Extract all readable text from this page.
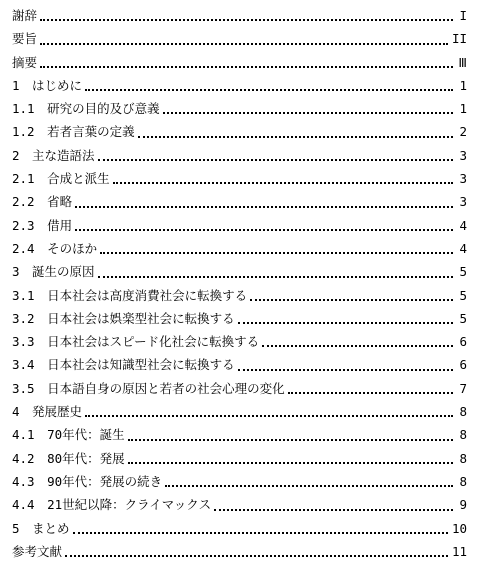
謝辞	I
要旨	II
摘要	Ⅲ
1　はじめに	1
1.1　研究の目的及び意義	1
1.2　若者言葉の定義	2
2　主な造語法	3
2.1　合成と派生	3
2.2　省略	3
2.3　借用	4
2.4　そのほか	4
3　誕生の原因	5
3.1　日本社会は高度消費社会に転換する	5
3.2　日本社会は娯楽型社会に転換する	5
3.3　日本社会はスピード化社会に転換する	6
3.4　日本社会は知識型社会に転換する	6
3.5　日本語自身の原因と若者の社会心理の変化	7
4　発展歴史	8
4.1　70年代：誕生	8
4.2　80年代：発展	8
4.3　90年代：発展の続き	8
4.4　21世紀以降：クライマックス	9
5　まとめ	10
参考文献	11
